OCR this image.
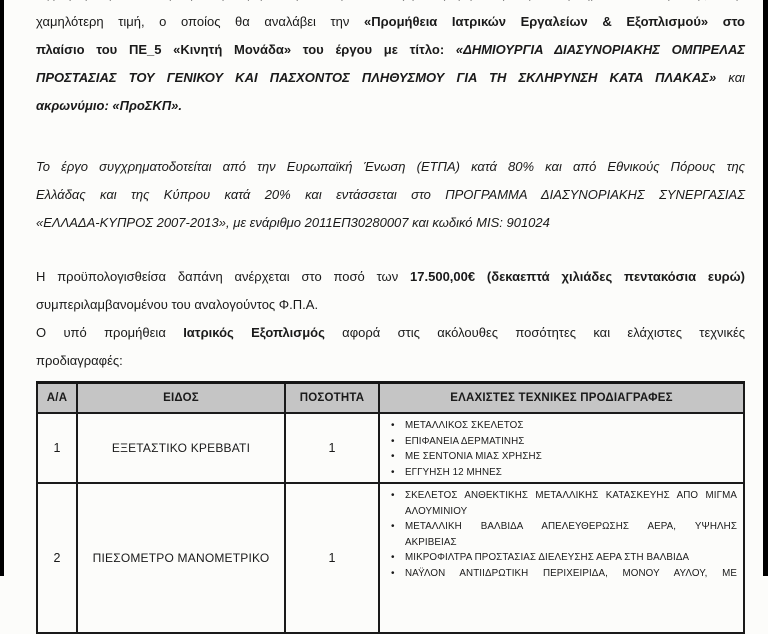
χαμηλότερη τιμή, ο οποίος θα αναλάβει την «Προμήθεια Ιατρικών Εργαλείων & Εξοπλισμού» στο
πλαίσιο του ΠΕ_5 «Κινητή Μονάδα» του έργου με τίτλο: «ΔΗΜΙΟΥΡΓΙΑ ΔΙΑΣΥΝΟΡΙΑΚΗΣ ΟΜΠΡΕΛΑΣ
ΠΡΟΣΤΑΣΙΑΣ ΤΟΥ ΓΕΝΙΚΟΥ ΚΑΙ ΠΑΣΧΟΝΤΟΣ ΠΛΗΘΥΣΜΟΥ ΓΙΑ ΤΗ ΣΚΛΗΡΥΝΣΗ ΚΑΤΑ ΠΛΑΚΑΣ» και
ακρωνύμιο: «ΠροΣΚΠ».
Το έργο συγχρηματοδοτείται από την Ευρωπαϊκή Ένωση (ΕΤΠΑ) κατά 80% και από Εθνικούς Πόρους της
Ελλάδας και της Κύπρου κατά 20% και εντάσσεται στο ΠΡΟΓΡΑΜΜΑ ΔΙΑΣΥΝΟΡΙΑΚΗΣ ΣΥΝΕΡΓΑΣΙΑΣ
«ΕΛΛΑΔΑ-ΚΥΠΡΟΣ 2007-2013», με ενάριθμο 2011ΕΠ30280007 και κωδικό MIS: 901024
Η προϋπολογισθείσα δαπάνη ανέρχεται στο ποσό των 17.500,00€ (δεκαεπτά χιλιάδες πεντακόσια ευρώ)
συμπεριλαμβανομένου του αναλογούντος Φ.Π.Α.
Ο υπό προμήθεια Ιατρικός Εξοπλισμός αφορά στις ακόλουθες ποσότητες και ελάχιστες τεχνικές
προδιαγραφές:
Α/Α	ΕΙΔΟΣ	ΠΟΣΟΤΗΤΑ	ΕΛΑΧΙΣΤΕΣ ΤΕΧΝΙΚΕΣ ΠΡΟΔΙΑΓΡΑΦΕΣ
1	ΕΞΕΤΑΣΤΙΚΟ ΚΡΕΒΒΑΤΙ	1	
• ΜΕΤΑΛΛΙΚΟΣ ΣΚΕΛΕΤΟΣ
• ΕΠΙΦΑΝΕΙΑ ΔΕΡΜΑΤΙΝΗΣ
• ΜΕ ΣΕΝΤΟΝΙΑ ΜΙΑΣ ΧΡΗΣΗΣ
• ΕΓΓΥΗΣΗ 12 ΜΗΝΕΣ

2	ΠΙΕΣΟΜΕΤΡΟ ΜΑΝΟΜΕΤΡΙΚΟ	1	
• ΣΚΕΛΕΤΟΣ ΑΝΘΕΚΤΙΚΗΣ ΜΕΤΑΛΛΙΚΗΣ ΚΑΤΑΣΚΕΥΗΣ ΑΠΟ ΜΙΓΜΑ
ΑΛΟΥΜΙΝΙΟΥ
• ΜΕΤΑΛΛΙΚΗ ΒΑΛΒΙΔΑ ΑΠΕΛΕΥΘΕΡΩΣΗΣ ΑΕΡΑ, ΥΨΗΛΗΣ
ΑΚΡΙΒΕΙΑΣ
• ΜΙΚΡΟΦΙΛΤΡΑ ΠΡΟΣΤΑΣΙΑΣ ΔΙΕΛΕΥΣΗΣ ΑΕΡΑ ΣΤΗ ΒΑΛΒΙΔΑ
• ΝΑΫΛΟΝ ΑΝΤΙΙΔΡΩΤΙΚΗ ΠΕΡΙΧΕΙΡΙΔΑ, ΜΟΝΟΥ ΑΥΛΟΥ, ΜΕ
